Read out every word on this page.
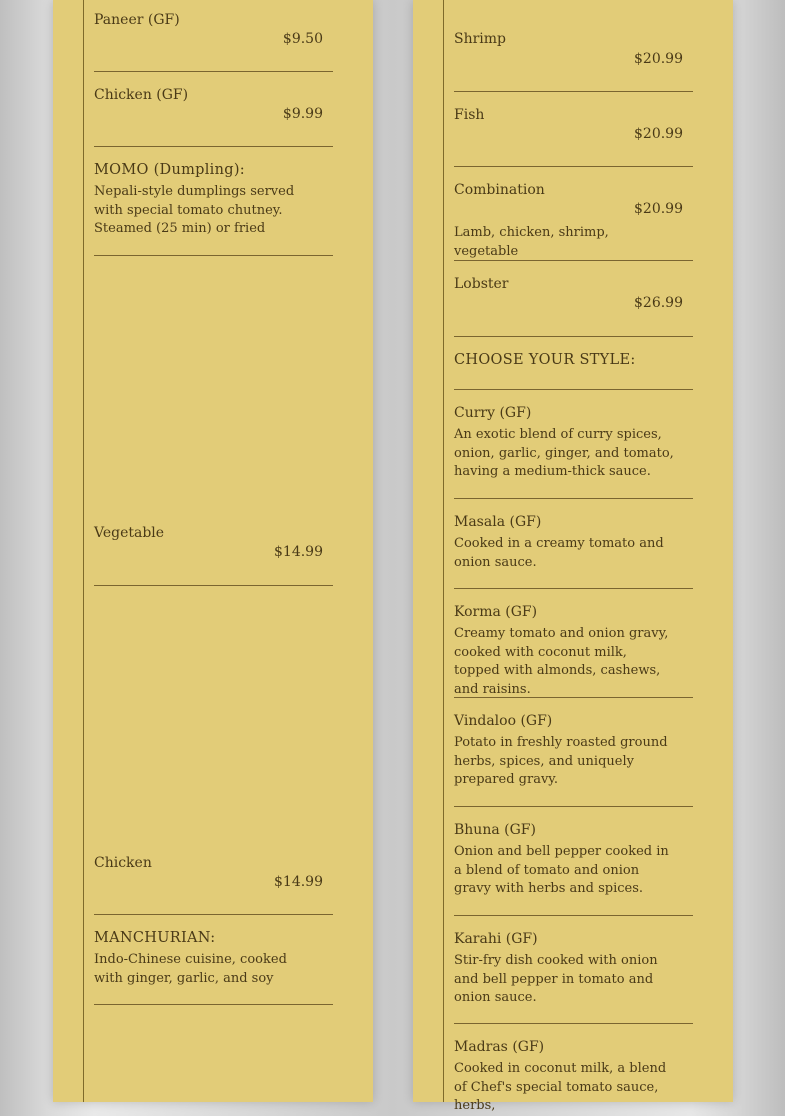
Paneer (GF)
$9.50
Chicken (GF)
$9.99
MOMO (Dumpling):
Nepali-style dumplings served with special tomato chutney. Steamed (25 min) or fried
Vegetable
$14.99
Chicken
$14.99
MANCHURIAN:
Indo-Chinese cuisine, cooked with ginger, garlic, and soy
Shrimp
$20.99
Fish
$20.99
Combination
$20.99
Lamb, chicken, shrimp, vegetable
Lobster
$26.99
CHOOSE YOUR STYLE:
Curry (GF)
An exotic blend of curry spices, onion, garlic, ginger, and tomato, having a medium-thick sauce.
Masala (GF)
Cooked in a creamy tomato and onion sauce.
Korma (GF)
Creamy tomato and onion gravy, cooked with coconut milk, topped with almonds, cashews, and raisins.
Vindaloo (GF)
Potato in freshly roasted ground herbs, spices, and uniquely prepared gravy.
Bhuna (GF)
Onion and bell pepper cooked in a blend of tomato and onion gravy with herbs and spices.
Karahi (GF)
Stir-fry dish cooked with onion and bell pepper in tomato and onion sauce.
Madras (GF)
Cooked in coconut milk, a blend of Chef's special tomato sauce, herbs,
